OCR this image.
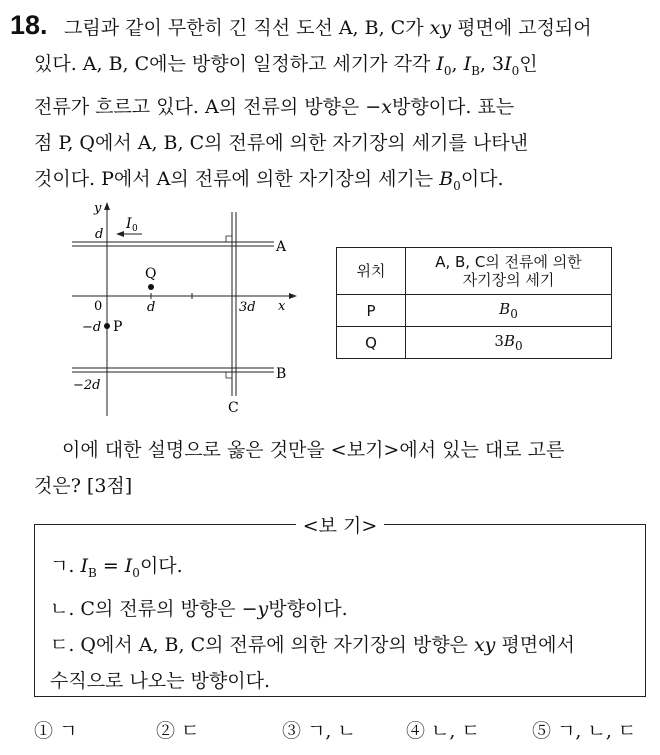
18. 그림과 같이 무한히 긴 직선 도선 A, B, C가 xy 평면에 고정되어
있다. A, B, C에는 방향이 일정하고 세기가 각각 $I_0$, $I_B$, $3I_0$인
전류가 흐르고 있다. A의 전류의 방향은 −x방향이다. 표는
점 P, Q에서 A, B, C의 전류에 의한 자기장의 세기를 나타낸
것이다. P에서 A의 전류에 의한 자기장의 세기는 $B_0$이다.
I 0
Q
P
y
x
0
d
−d
−2d
d	3d
A
B
C
위치	A, B, C의 전류에 의한
자기장의 세기
P	$B_0$
Q	$3B_0$
이에 대한 설명으로 옳은 것만을 <보기>에서 있는 대로 고른
것은? [3점]
<보 기>
ㄱ. $I_B = I_0$이다.
ㄴ. C의 전류의 방향은 −y방향이다.
ㄷ. Q에서 A, B, C의 전류에 의한 자기장의 방향은 xy 평면에서
수직으로 나오는 방향이다.
① ㄱ	② ㄷ	③ ㄱ, ㄴ	④ ㄴ, ㄷ	⑤ ㄱ, ㄴ, ㄷ
